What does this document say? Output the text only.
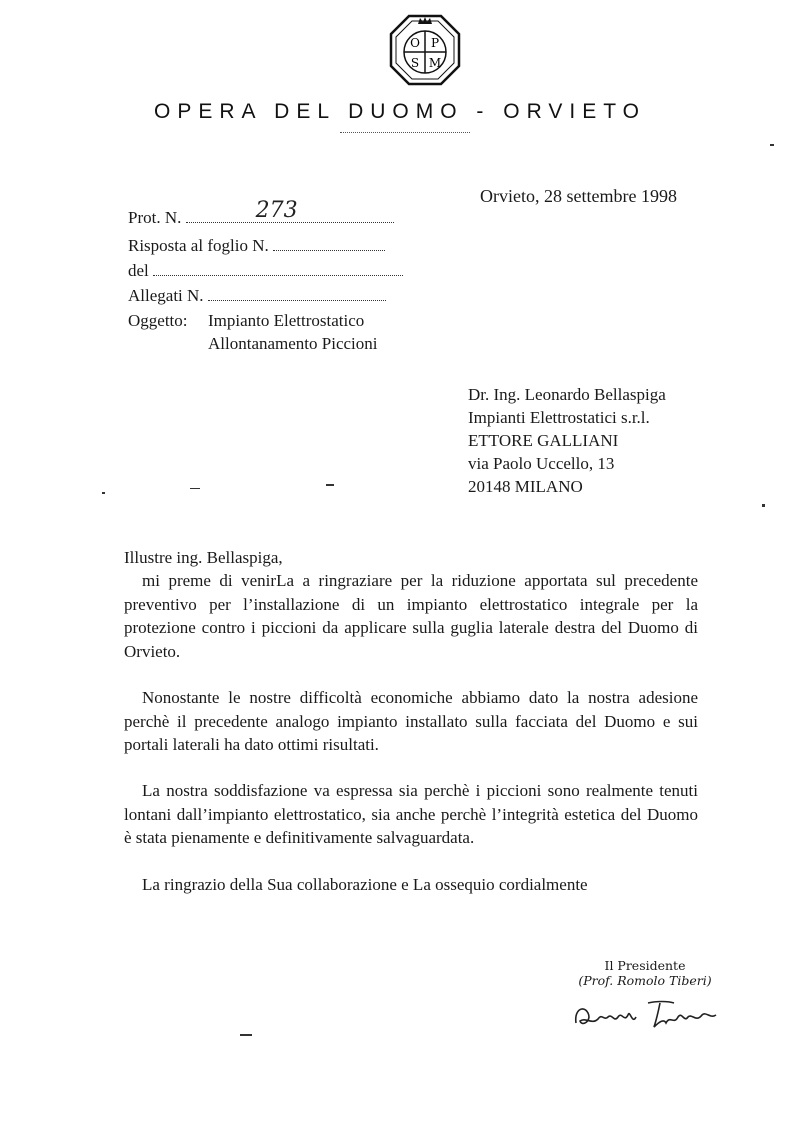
O P
S M
OPERA DEL DUOMO - ORVIETO
Orvieto, 28 settembre 1998
Prot. N.	273
Risposta al foglio N.
del
Allegati N.
Oggetto: Impianto Elettrostatico
Allontanamento Piccioni
Dr. Ing. Leonardo Bellaspiga
Impianti Elettrostatici s.r.l.
ETTORE GALLIANI
via Paolo Uccello, 13
20148 MILANO
Illustre ing. Bellaspiga,

mi preme di venirLa a ringraziare per la riduzione apportata sul precedente preventivo per l’installazione di un impianto elettrostatico integrale per la protezione contro i piccioni da applicare sulla guglia laterale destra del Duomo di Orvieto.

Nonostante le nostre difficoltà economiche abbiamo dato la nostra adesione perchè il precedente analogo impianto installato sulla facciata del Duomo e sui portali laterali ha dato ottimi risultati.

La nostra soddisfazione va espressa sia perchè i piccioni sono realmente tenuti lontani dall’impianto elettrostatico, sia anche perchè l’integrità estetica del Duomo è stata pienamente e definitivamente salvaguardata.

La ringrazio della Sua collaborazione e La ossequio cordialmente

Il Presidente
(Prof. Romolo Tiberi)
